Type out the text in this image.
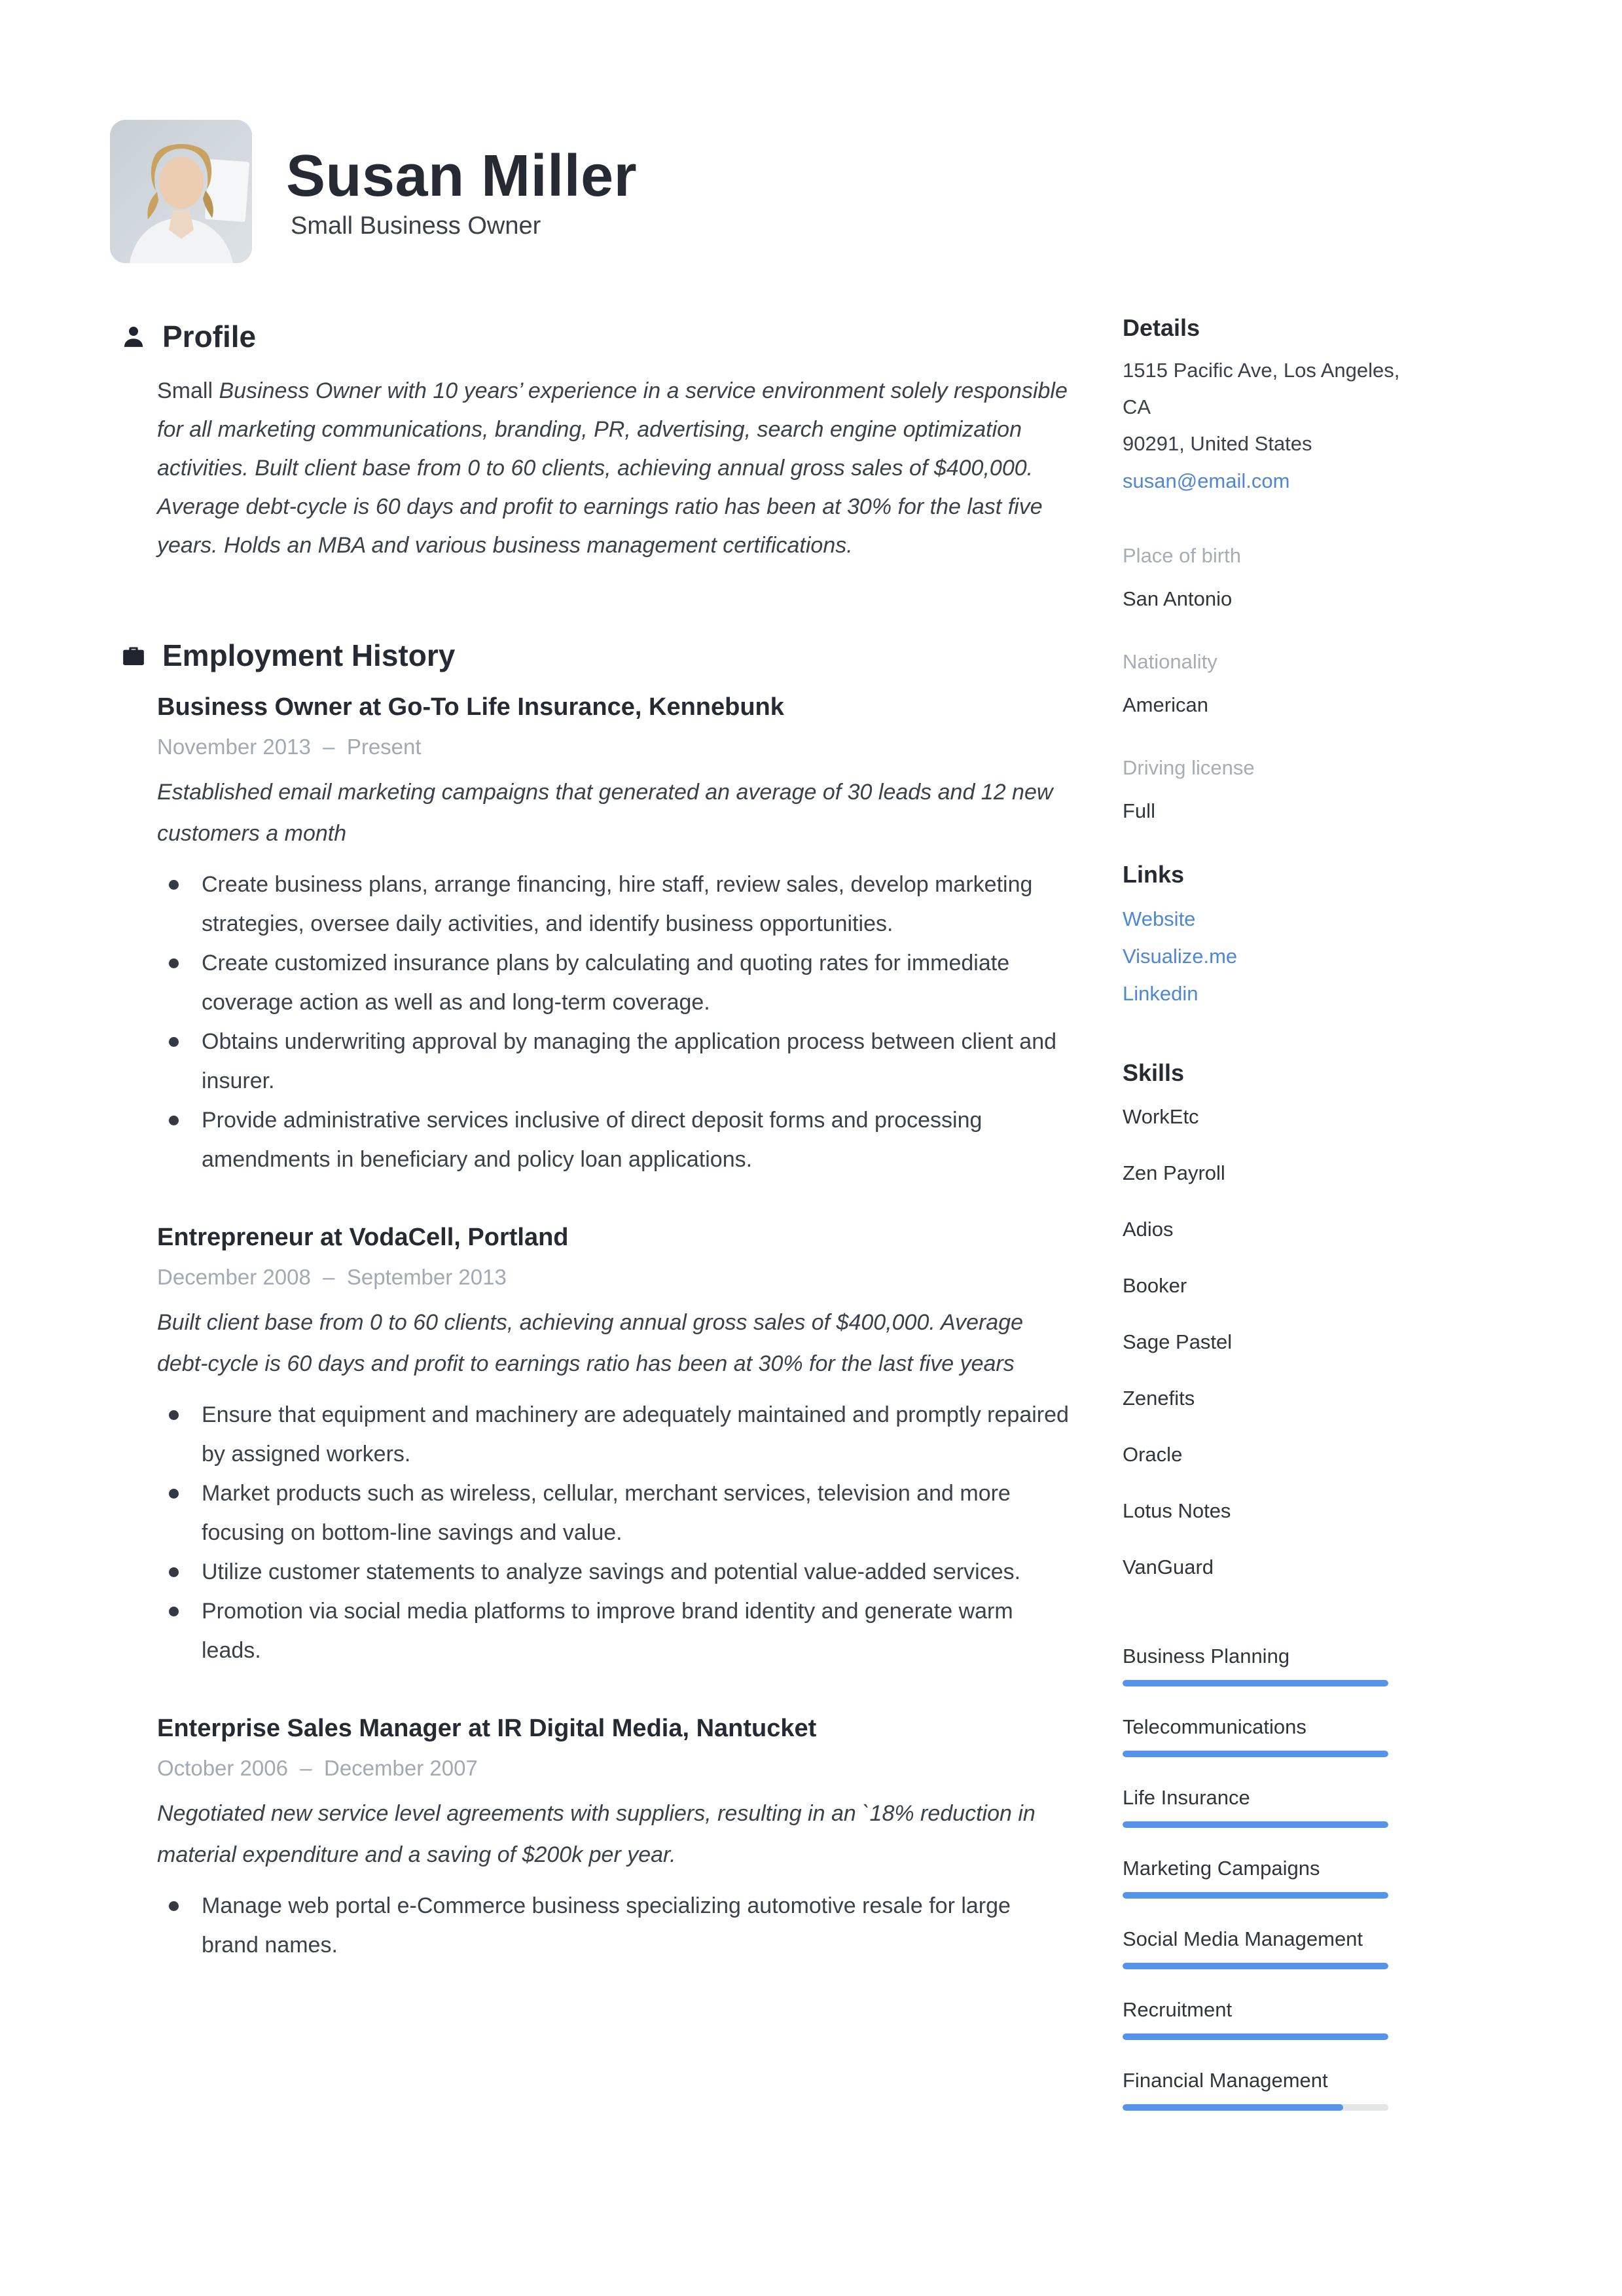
Susan Miller
Small Business Owner
Profile

Small Business Owner with 10 years’ experience in a service environment solely responsible for all marketing communications, branding, PR, advertising, search engine optimization activities. Built client base from 0 to 60 clients, achieving annual gross sales of $400,000. Average debt-cycle is 60 days and profit to earnings ratio has been at 30% for the last five years. Holds an MBA and various business management certifications.

Employment History
Business Owner at Go-To Life Insurance, Kennebunk
November 2013  –  Present
Established email marketing campaigns that generated an average of 30 leads and 12 new customers a month
Create business plans, arrange financing, hire staff, review sales, develop marketing strategies, oversee daily activities, and identify business opportunities.
Create customized insurance plans by calculating and quoting rates for immediate coverage action as well as and long-term coverage.
Obtains underwriting approval by managing the application process between client and insurer.
Provide administrative services inclusive of direct deposit forms and processing amendments in beneficiary and policy loan applications.
Entrepreneur at VodaCell, Portland
December 2008  –  September 2013
Built client base from 0 to 60 clients, achieving annual gross sales of $400,000. Average debt-cycle is 60 days and profit to earnings ratio has been at 30% for the last five years
Ensure that equipment and machinery are adequately maintained and promptly repaired by assigned workers.
Market products such as wireless, cellular, merchant services, television and more focusing on bottom-line savings and value.
Utilize customer statements to analyze savings and potential value-added services.
Promotion via social media platforms to improve brand identity and generate warm leads.
Enterprise Sales Manager at IR Digital Media, Nantucket
October 2006  –  December 2007
Negotiated new service level agreements with suppliers, resulting in an `18% reduction in material expenditure and a saving of $200k per year.
Manage web portal e-Commerce business specializing automotive resale for large brand names.
Details
1515 Pacific Ave, Los Angeles, CA
90291, United States
susan@email.com
Place of birth
San Antonio
Nationality
American
Driving license
Full
Links
Website
Visualize.me
Linkedin
Skills
WorkEtc
Zen Payroll
Adios
Booker
Sage Pastel
Zenefits
Oracle
Lotus Notes
VanGuard
Business Planning
Telecommunications
Life Insurance
Marketing Campaigns
Social Media Management
Recruitment
Financial Management
